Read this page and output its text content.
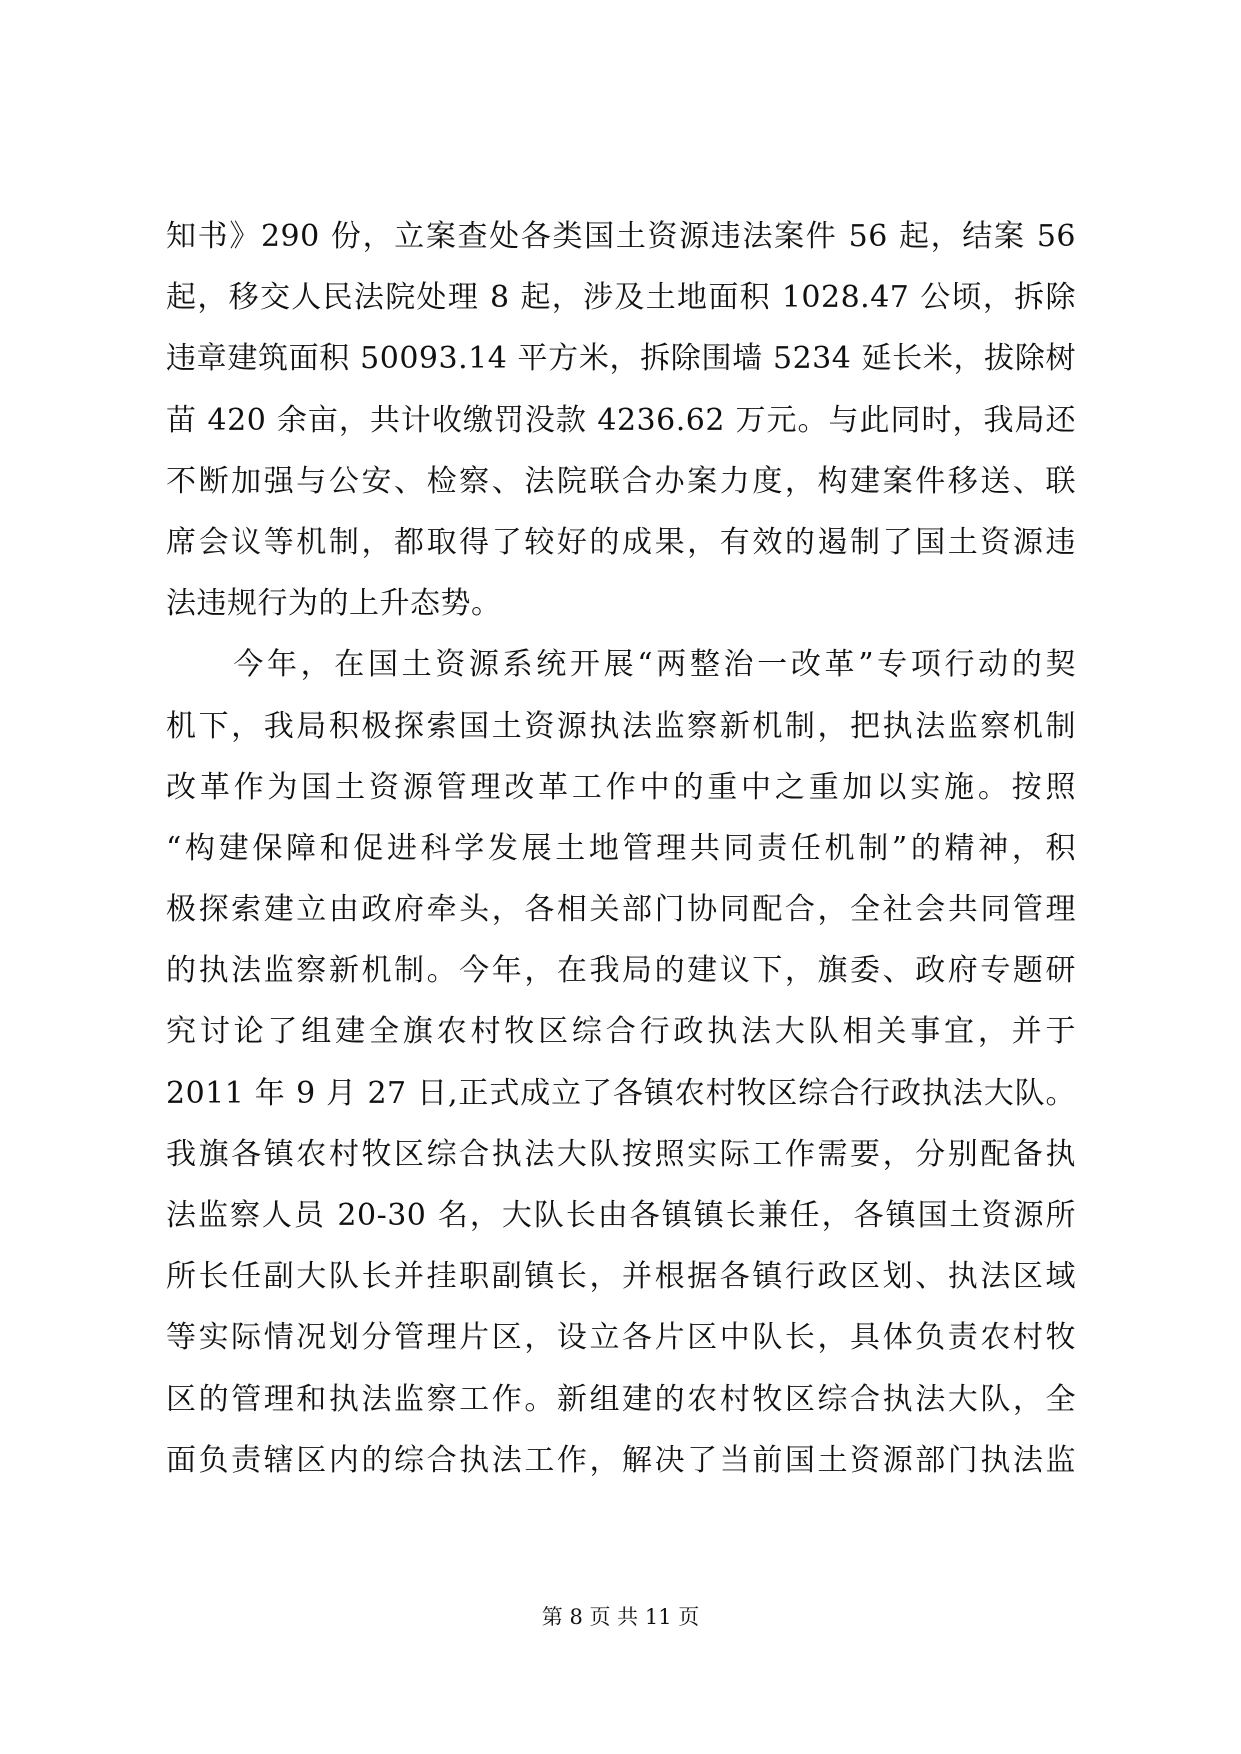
知书》290 份，立案查处各类国土资源违法案件 56 起，结案 56
起，移交人民法院处理 8 起，涉及土地面积 1028.47 公顷，拆除
违章建筑面积 50093.14 平方米，拆除围墙 5234 延长米，拔除树
苗 420 余亩，共计收缴罚没款 4236.62 万元。与此同时，我局还
不断加强与公安、检察、法院联合办案力度，构建案件移送、联
席会议等机制，都取得了较好的成果，有效的遏制了国土资源违
法违规行为的上升态势。
　　今年，在国土资源系统开展“两整治一改革”专项行动的契
机下，我局积极探索国土资源执法监察新机制，把执法监察机制
改革作为国土资源管理改革工作中的重中之重加以实施。按照
“构建保障和促进科学发展土地管理共同责任机制”的精神，积
极探索建立由政府牵头，各相关部门协同配合，全社会共同管理
的执法监察新机制。今年，在我局的建议下，旗委、政府专题研
究讨论了组建全旗农村牧区综合行政执法大队相关事宜，并于
2011 年 9 月 27 日,正式成立了各镇农村牧区综合行政执法大队。
我旗各镇农村牧区综合执法大队按照实际工作需要，分别配备执
法监察人员 20-30 名，大队长由各镇镇长兼任，各镇国土资源所
所长任副大队长并挂职副镇长，并根据各镇行政区划、执法区域
等实际情况划分管理片区，设立各片区中队长，具体负责农村牧
区的管理和执法监察工作。新组建的农村牧区综合执法大队，全
面负责辖区内的综合执法工作，解决了当前国土资源部门执法监
第 8 页 共 11 页
